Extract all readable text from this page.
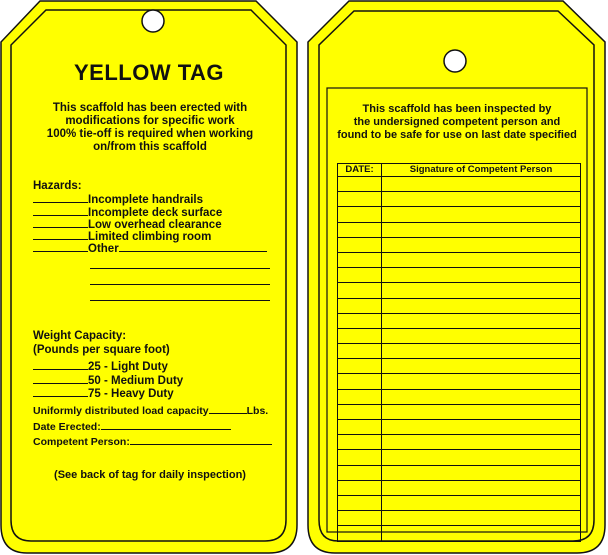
YELLOW TAG
This scaffold has been erected with
modifications for specific work
100% tie-off is required when working
on/from this scaffold
Hazards:
Incomplete handrails
Incomplete deck surface
Low overhead clearance
Limited climbing room
Other
Weight Capacity:
(Pounds per square foot)
25 - Light Duty
50 - Medium Duty
75 - Heavy Duty
Uniformly distributed load capacity	Lbs.
Date Erected:
Competent Person:
(See back of tag for daily inspection)
This scaffold has been inspected by
the undersigned competent person and
found to be safe for use on last date specified
DATE:	Signature of Competent Person
